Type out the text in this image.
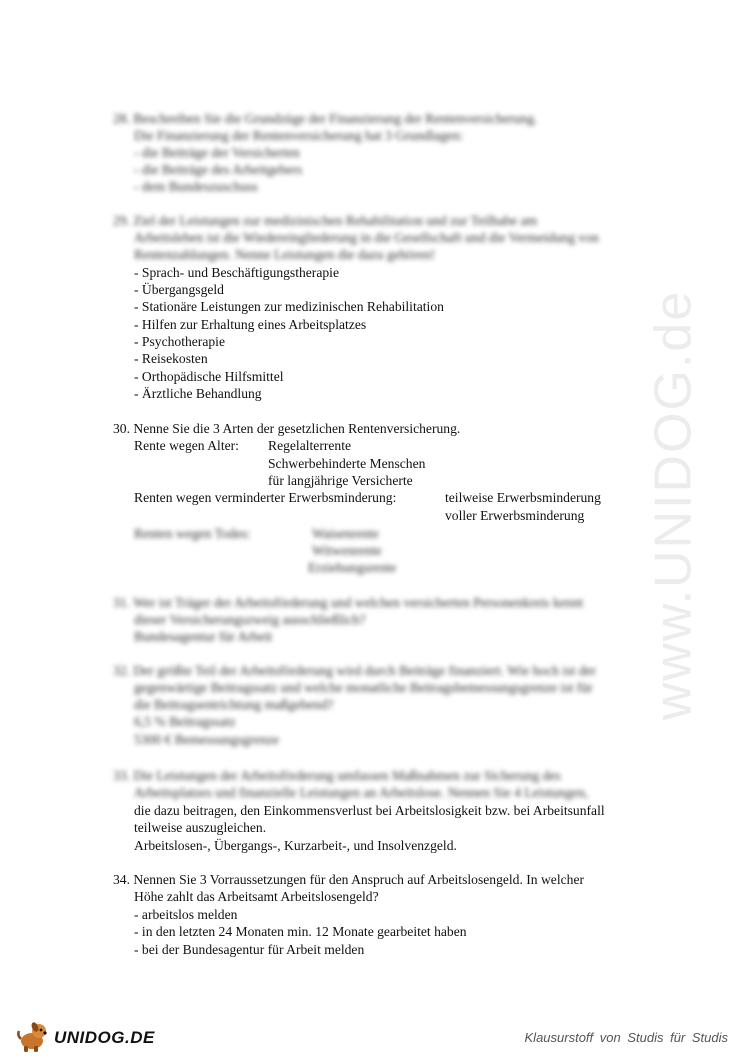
www.UNIDOG.de
28. Beschreiben Sie die Grundzüge der Finanzierung der Rentenversicherung.
Die Finanzierung der Rentenversicherung hat 3 Grundlagen:
- die Beiträge der Versicherten
- die Beiträge des Arbeitgebers
- dem Bundeszuschuss
29. Ziel der Leistungen zur medizinischen Rehabilitation und zur Teilhabe am
Arbeitsleben ist die Wiedereingliederung in die Gesellschaft und die Vermeidung von
Rentenzahlungen. Nenne Leistungen die dazu gehören!
- Sprach- und Beschäftigungstherapie
- Übergangsgeld
- Stationäre Leistungen zur medizinischen Rehabilitation
- Hilfen zur Erhaltung eines Arbeitsplatzes
- Psychotherapie
- Reisekosten
- Orthopädische Hilfsmittel
- Ärztliche Behandlung
30. Nenne Sie die 3 Arten der gesetzlichen Rentenversicherung.
Rente wegen Alter: Regelalterrente
Schwerbehinderte Menschen
für langjährige Versicherte
Renten wegen verminderter Erwerbsminderung:	teilweise Erwerbsminderung
voller Erwerbsminderung
Renten wegen Todes:	Waisenrente
Witwenrente
Erziehungsrente
31. Wer ist Träger der Arbeitsförderung und welchen versicherten Personenkreis kennt
dieser Versicherungszweig ausschließlich?
Bundesagentur für Arbeit
32. Der größte Teil der Arbeitsförderung wird durch Beiträge finanziert. Wie hoch ist der
gegenwärtige Beitragssatz und welche monatliche Beitragsbemessungsgrenze ist für
die Beitragsentrichtung maßgebend?
6,5 % Beitragssatz
5300 € Bemessungsgrenze
33. Die Leistungen der Arbeitsförderung umfassen Maßnahmen zur Sicherung des
Arbeitsplatzes und finanzielle Leistungen an Arbeitslose. Nennen Sie 4 Leistungen,
die dazu beitragen, den Einkommensverlust bei Arbeitslosigkeit bzw. bei Arbeitsunfall
teilweise auszugleichen.
Arbeitslosen-, Übergangs-, Kurzarbeit-, und Insolvenzgeld.
34. Nennen Sie 3 Vorraussetzungen für den Anspruch auf Arbeitslosengeld. In welcher
Höhe zahlt das Arbeitsamt Arbeitslosengeld?
- arbeitslos melden
- in den letzten 24 Monaten min. 12 Monate gearbeitet haben
- bei der Bundesagentur für Arbeit melden
UNIDOG.DE	Klausurstoff von Studis für Studis
